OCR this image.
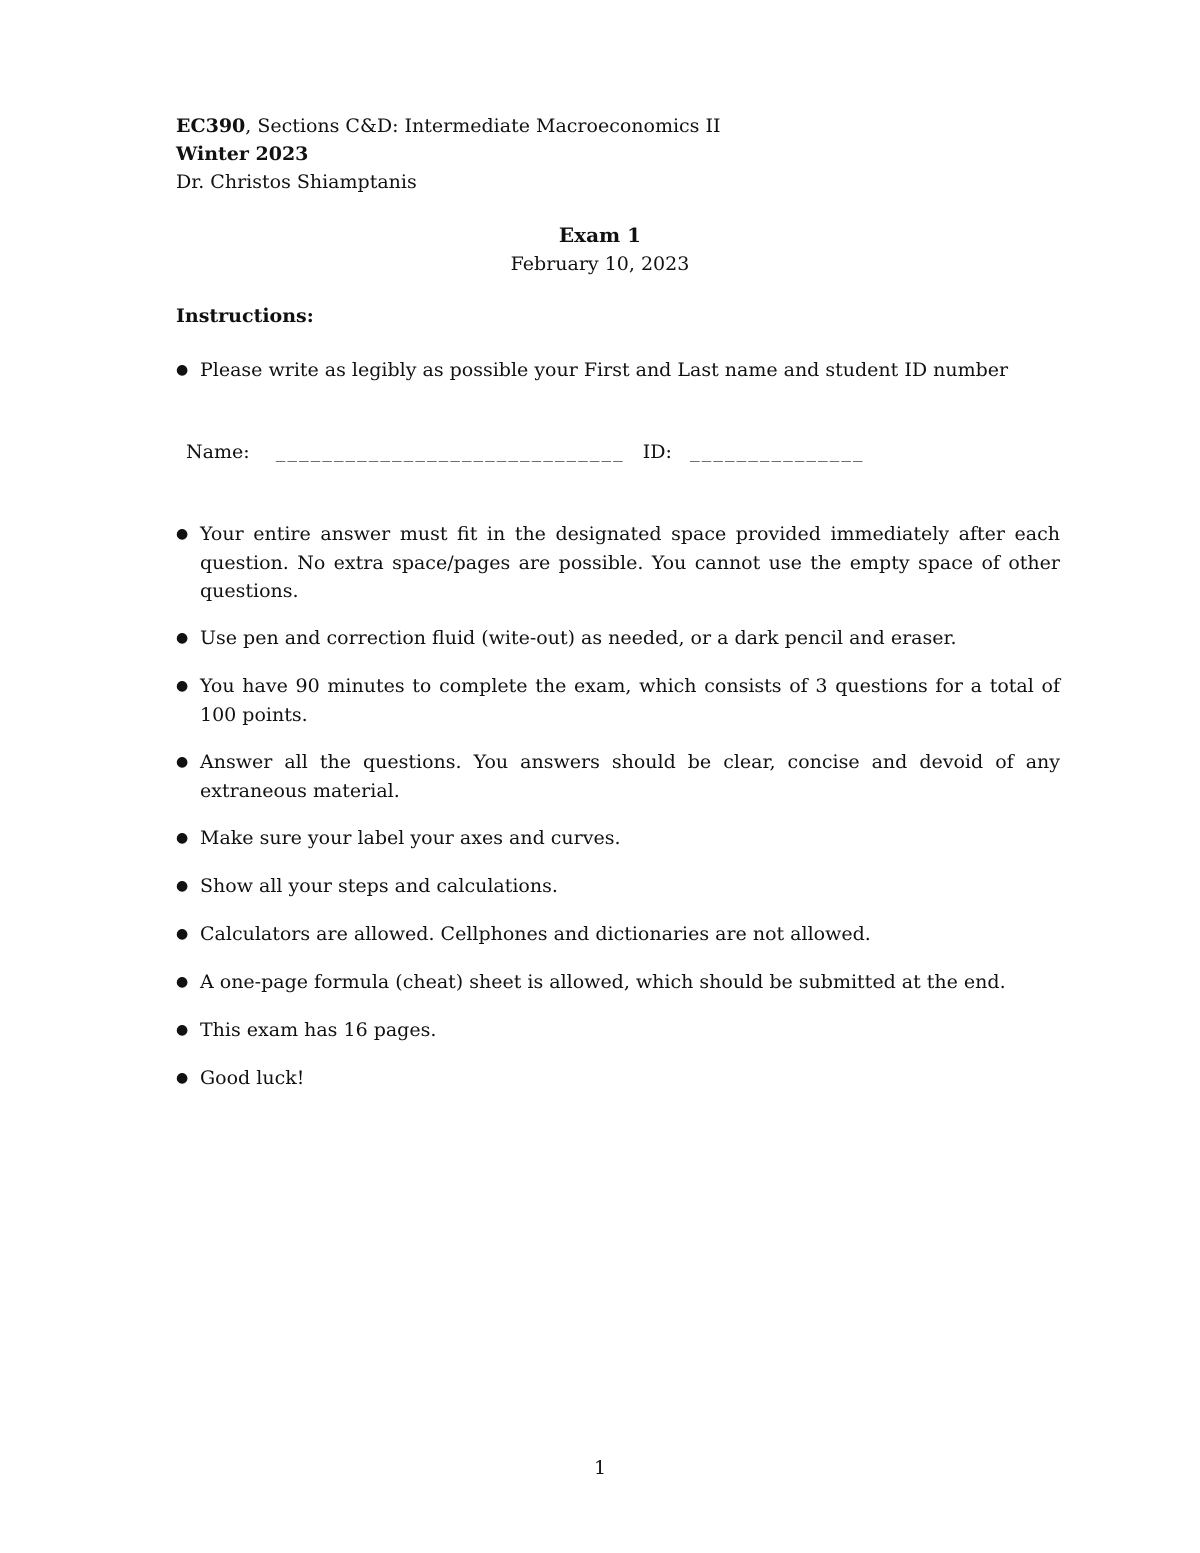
EC390, Sections C&D: Intermediate Macroeconomics II
Winter 2023
Dr. Christos Shiamptanis
Exam 1
February 10, 2023
Instructions:
● Please write as legibly as possible your First and Last name and student ID number
Name: ______________________________ ID: _______________
● Your entire answer must fit in the designated space provided immediately after each question. No extra space/pages are possible. You cannot use the empty space of other questions.
● Use pen and correction fluid (wite-out) as needed, or a dark pencil and eraser.
● You have 90 minutes to complete the exam, which consists of 3 questions for a total of 100 points.
● Answer all the questions. You answers should be clear, concise and devoid of any extraneous material.
● Make sure your label your axes and curves.
● Show all your steps and calculations.
● Calculators are allowed. Cellphones and dictionaries are not allowed.
● A one-page formula (cheat) sheet is allowed, which should be submitted at the end.
● This exam has 16 pages.
● Good luck!
1
